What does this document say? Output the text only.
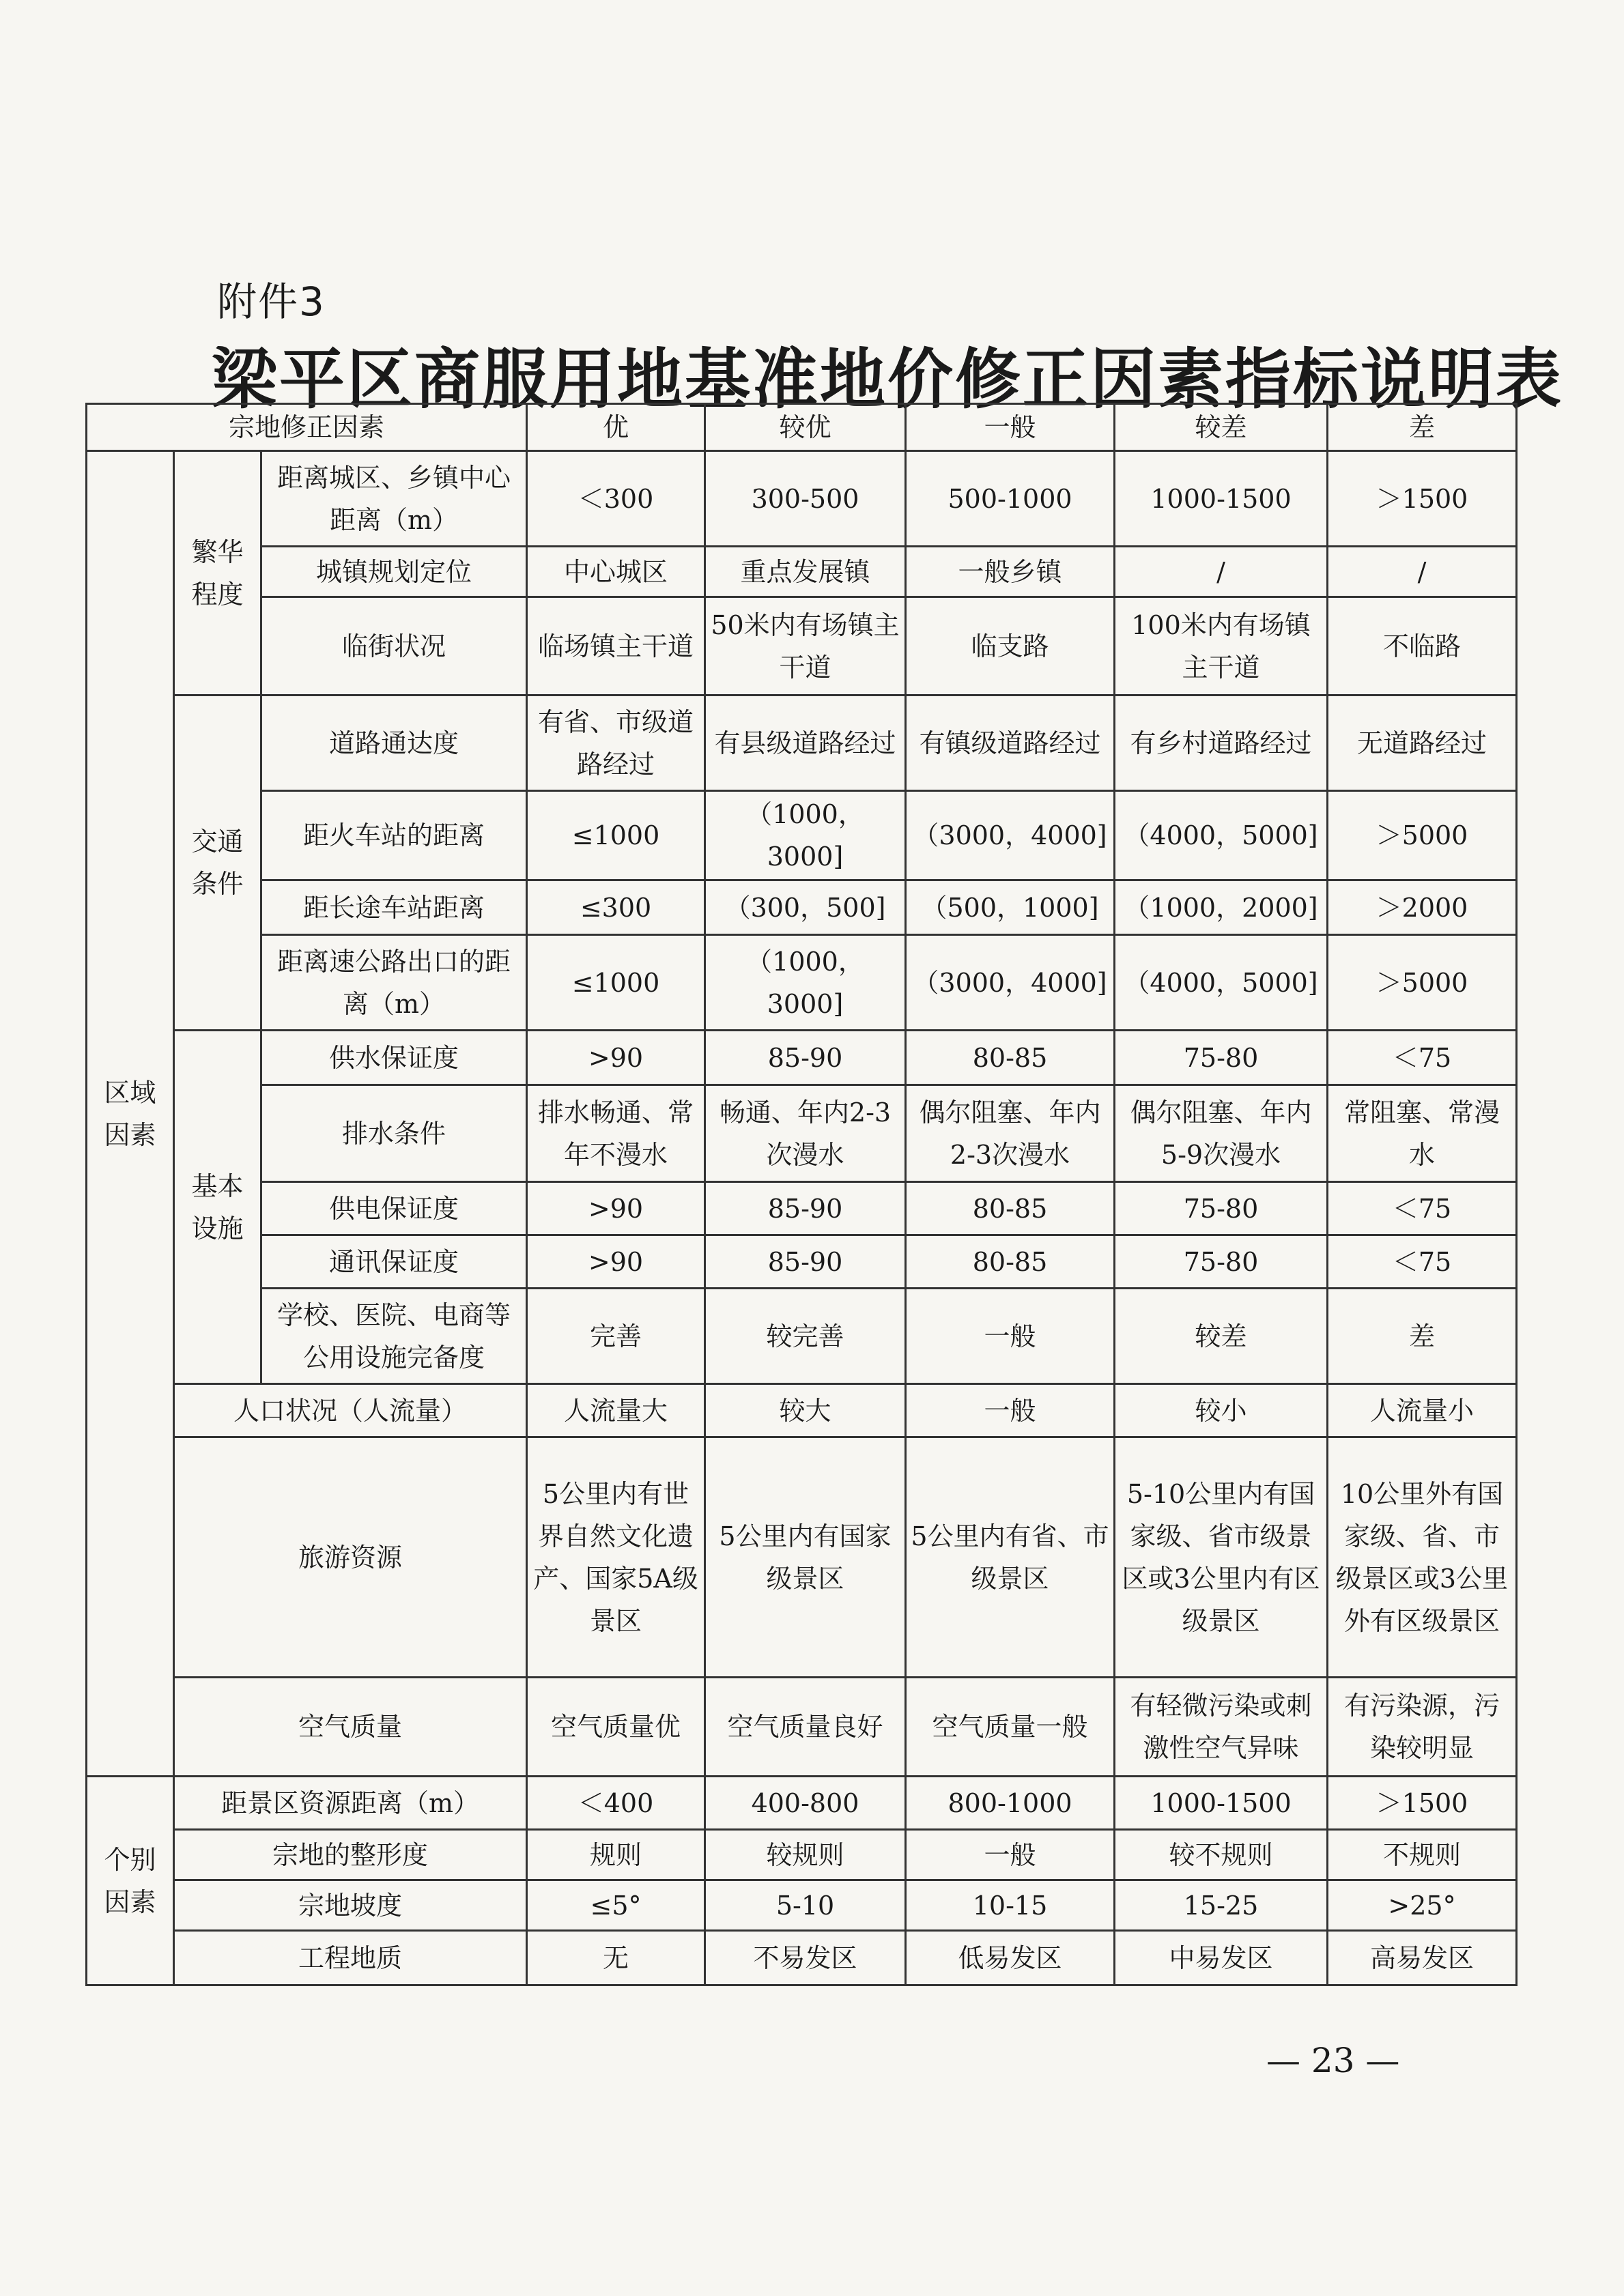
附件3
梁平区商服用地基准地价修正因素指标说明表
宗地修正因素			优	较优	一般	较差	差
区域因素	繁华程度	距离城区、乡镇中心距离（m）	＜300	300-500	500-1000	1000-1500	＞1500
		城镇规划定位	中心城区	重点发展镇	一般乡镇	/	/
		临街状况	临场镇主干道	50米内有场镇主干道	临支路	100米内有场镇主干道	不临路
	交通条件	道路通达度	有省、市级道路经过	有县级道路经过	有镇级道路经过	有乡村道路经过	无道路经过
		距火车站的距离	≤1000	（1000，3000]	（3000，4000]	（4000，5000]	＞5000
		距长途车站距离	≤300	（300，500]	（500，1000]	（1000，2000]	＞2000
		距离速公路出口的距离（m）	≤1000	（1000，3000]	（3000，4000]	（4000，5000]	＞5000
	基本设施	供水保证度	>90	85-90	80-85	75-80	＜75
		排水条件	排水畅通、常年不漫水	畅通、年内2-3次漫水	偶尔阻塞、年内2-3次漫水	偶尔阻塞、年内5-9次漫水	常阻塞、常漫水
		供电保证度	>90	85-90	80-85	75-80	＜75
		通讯保证度	>90	85-90	80-85	75-80	＜75
		学校、医院、电商等公用设施完备度	完善	较完善	一般	较差	差
	人口状况（人流量）		人流量大	较大	一般	较小	人流量小
	旅游资源		5公里内有世界自然文化遗产、国家5A级景区	5公里内有国家级景区	5公里内有省、市级景区	5-10公里内有国家级、省市级景区或3公里内有区级景区	10公里外有国家级、省、市级景区或3公里外有区级景区
	空气质量		空气质量优	空气质量良好	空气质量一般	有轻微污染或刺激性空气异味	有污染源，污染较明显
个别因素	距景区资源距离（m）		＜400	400-800	800-1000	1000-1500	＞1500
	宗地的整形度		规则	较规则	一般	较不规则	不规则
	宗地坡度		≤5°	5-10	10-15	15-25	>25°
	工程地质		无	不易发区	低易发区	中易发区	高易发区
— 23 —
